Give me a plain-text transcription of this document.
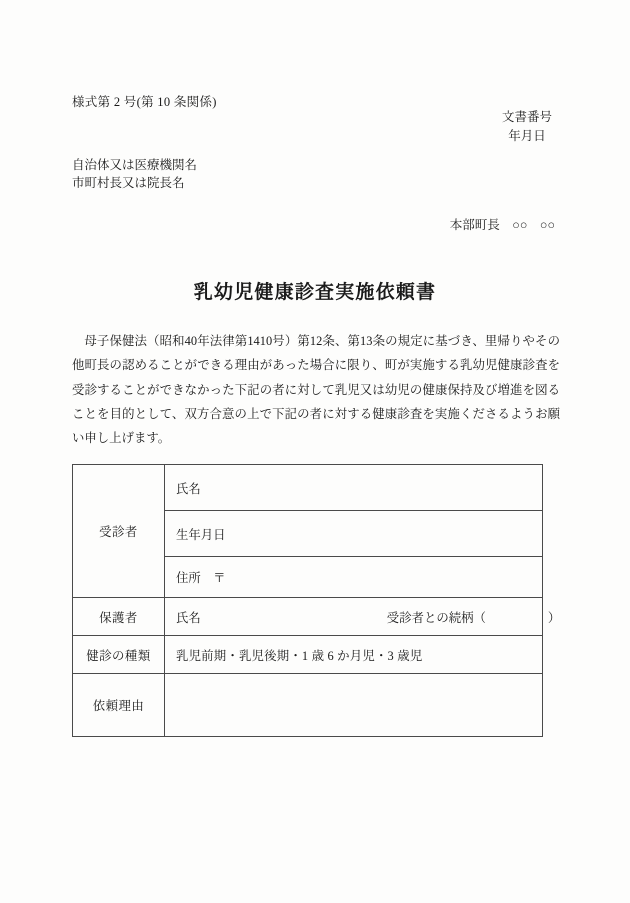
様式第 2 号(第 10 条関係)
文書番号
年月日
自治体又は医療機関名
市町村長又は院長名
本部町長　○○　○○
乳幼児健康診査実施依頼書

母子保健法（昭和40年法律第1410号）第12条、第13条の規定に基づき、里帰りやその他町長の認めることができる理由があった場合に限り、町が実施する乳幼児健康診査を受診することができなかった下記の者に対して乳児又は幼児の健康保持及び増進を図ることを目的として、双方合意の上で下記の者に対する健康診査を実施くださるようお願い申し上げます。

受診者	氏名
	生年月日
	住所　〒
保護者	氏名 受診者との続柄（　　　　　）

健診の種類	乳児前期・乳児後期・1 歳 6 か月児・3 歳児
依頼理由	
